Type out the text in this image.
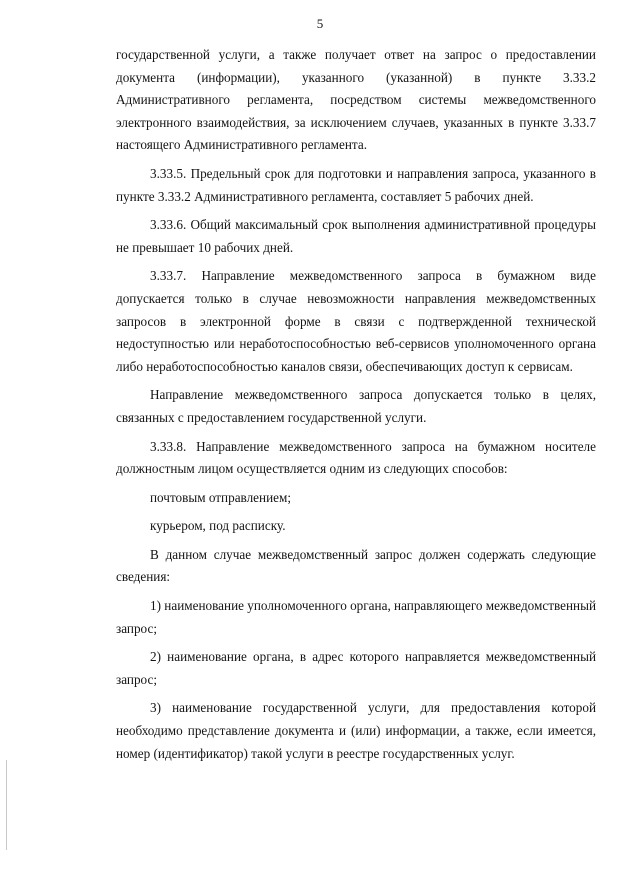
5

государственной услуги, а также получает ответ на запрос о предоставлении документа (информации), указанного (указанной) в пункте 3.33.2 Административного регламента, посредством системы межведомственного электронного взаимодействия, за исключением случаев, указанных в пункте 3.33.7 настоящего Административного регламента.

3.33.5. Предельный срок для подготовки и направления запроса, указанного в пункте 3.33.2 Административного регламента, составляет 5 рабочих дней.

3.33.6. Общий максимальный срок выполнения административной процедуры не превышает 10 рабочих дней.

3.33.7. Направление межведомственного запроса в бумажном виде допускается только в случае невозможности направления межведомственных запросов в электронной форме в связи с подтвержденной технической недоступностью или неработоспособностью веб-сервисов уполномоченного органа либо неработоспособностью каналов связи, обеспечивающих доступ к сервисам.

Направление межведомственного запроса допускается только в целях, связанных с предоставлением государственной услуги.

3.33.8. Направление межведомственного запроса на бумажном носителе должностным лицом осуществляется одним из следующих способов:

почтовым отправлением;

курьером, под расписку.

В данном случае межведомственный запрос должен содержать следующие сведения:

1) наименование уполномоченного органа, направляющего межведомственный запрос;

2) наименование органа, в адрес которого направляется межведомственный запрос;

3) наименование государственной услуги, для предоставления которой необходимо представление документа и (или) информации, а также, если имеется, номер (идентификатор) такой услуги в реестре государственных услуг.
